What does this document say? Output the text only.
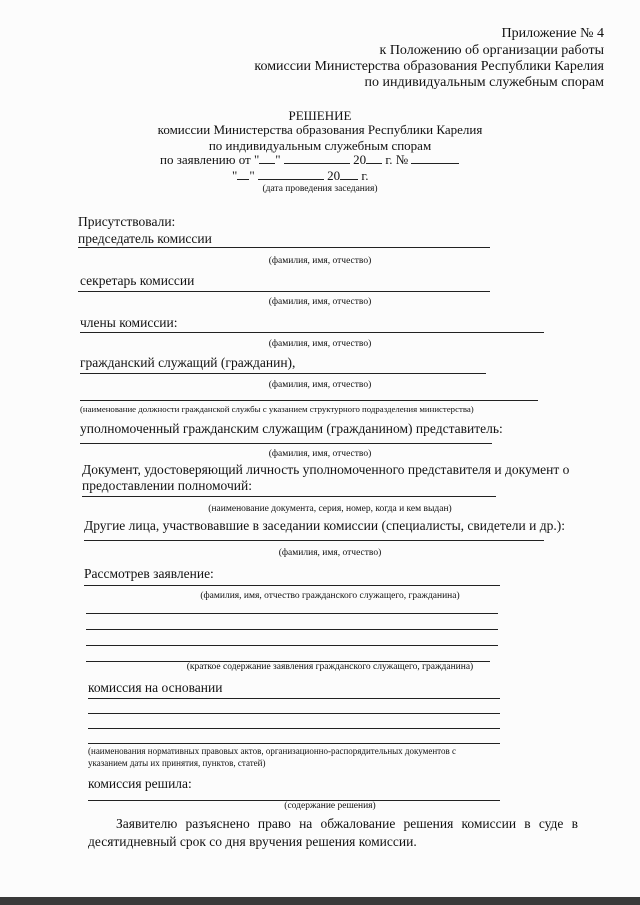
Приложение № 4
к Положению об организации работы
комиссии Министерства образования Республики Карелия
по индивидуальным служебным спорам
РЕШЕНИЕ
комиссии Министерства образования Республики Карелия
по индивидуальным служебным спорам
по заявлению от " "	20 г. №
" "	20 г.
(дата проведения заседания)
Присутствовали:
председатель комиссии
(фамилия, имя, отчество)
секретарь комиссии
(фамилия, имя, отчество)
члены комиссии:
(фамилия, имя, отчество)
гражданский служащий (гражданин),
(фамилия, имя, отчество)
(наименование должности гражданской службы с указанием структурного подразделения министерства)
уполномоченный гражданским служащим (гражданином) представитель:
(фамилия, имя, отчество)
Документ, удостоверяющий личность уполномоченного представителя и документ о
предоставлении полномочий:
(наименование документа, серия, номер, когда и кем выдан)
Другие лица, участвовавшие в заседании комиссии (специалисты, свидетели и др.):
(фамилия, имя, отчество)
Рассмотрев заявление:
(фамилия, имя, отчество гражданского служащего, гражданина)
(краткое содержание заявления гражданского служащего, гражданина)
комиссия на основании
(наименования нормативных правовых актов, организационно-распорядительных документов с
указанием даты их принятия, пунктов, статей)
комиссия решила:
(содержание решения)
Заявителю разъяснено право на обжалование решения комиссии в суде в десятидневный срок со дня вручения решения комиссии.
